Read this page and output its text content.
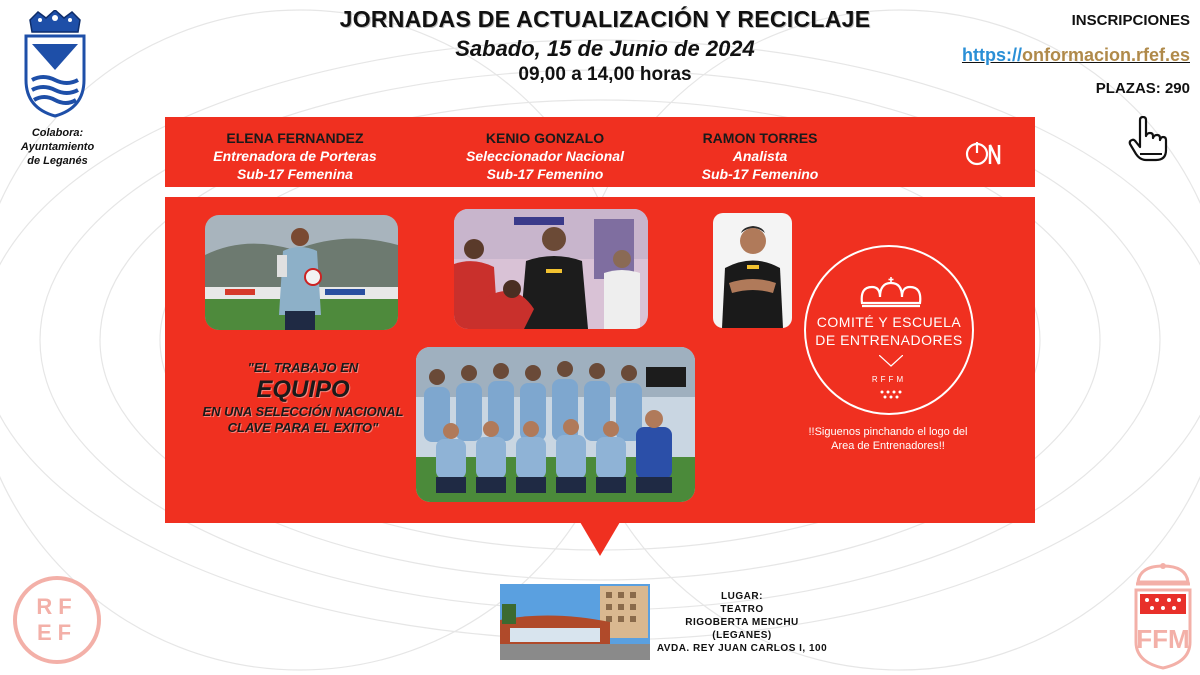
Colabora:
Ayuntamiento
de Leganés
JORNADAS DE ACTUALIZACIÓN Y RECICLAJE
Sabado, 15 de Junio de 2024
09,00 a 14,00 horas
INSCRIPCIONES
https://onformacion.rfef.es
PLAZAS: 290
ELENA FERNANDEZ
Entrenadora de Porteras
Sub-17 Femenina
KENIO GONZALO
Seleccionador Nacional
Sub-17 Femenino
RAMON TORRES
Analista
Sub-17 Femenino
"EL TRABAJO EN
EQUIPO
EN UNA SELECCIÓN NACIONAL
CLAVE PARA EL EXITO"
COMITÉ Y ESCUELA
DE ENTRENADORES
RFFM
!!Siguenos pinchando el logo del Area de Entrenadores!!
RFEF	FFM
LUGAR:
TEATRO
RIGOBERTA MENCHU
(LEGANES)
AVDA. REY JUAN CARLOS I, 100
